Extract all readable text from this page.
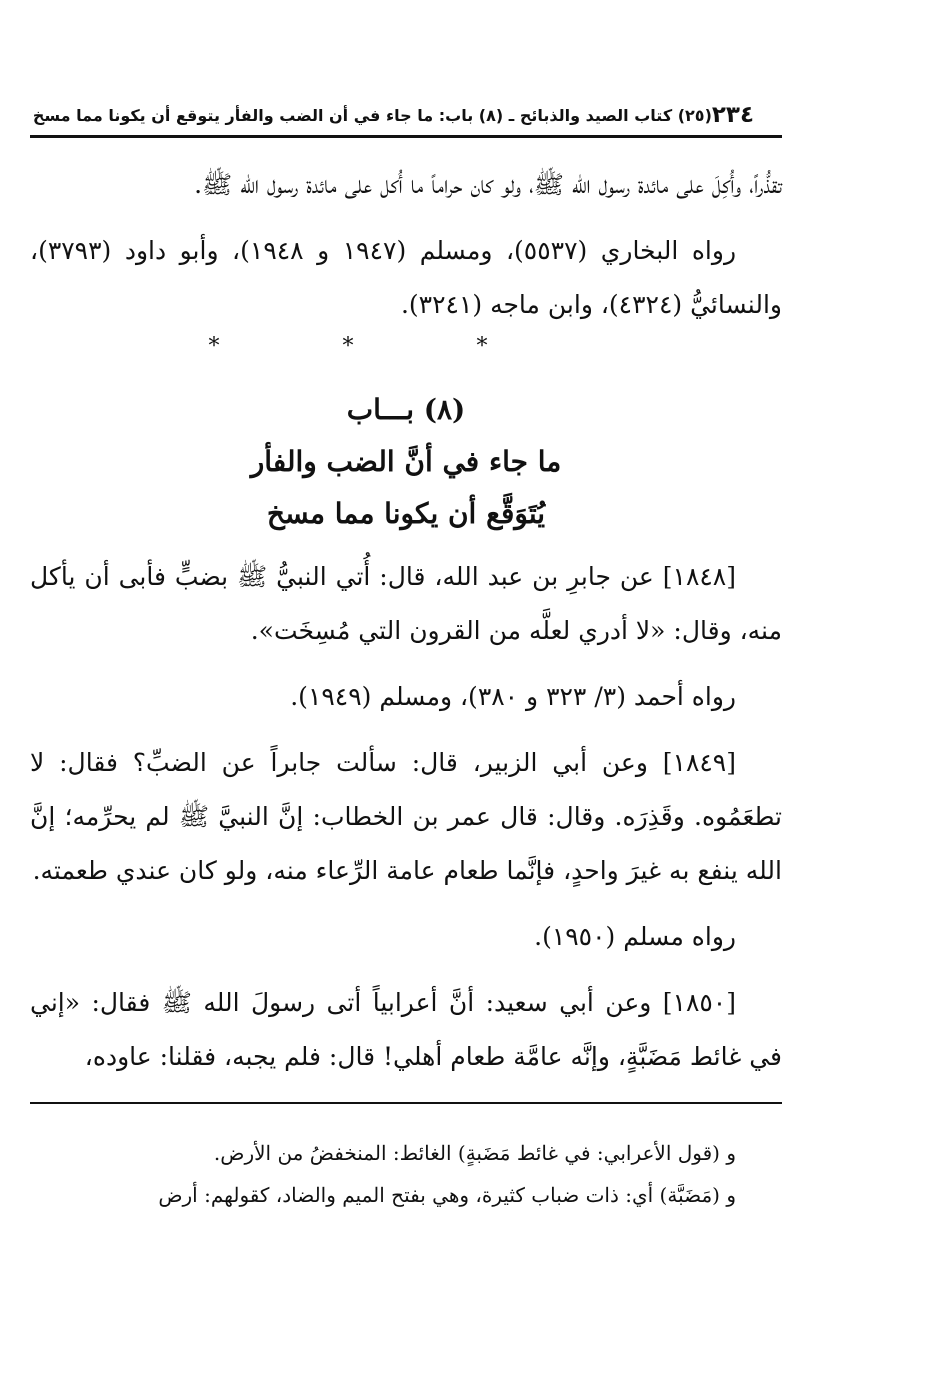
٢٣٤
(٢٥) كتاب الصيد والذبائح ـ (٨) باب: ما جاء في أن الضب والفأر يتوقع أن يكونا مما مسخ

تقذُّراً، وأُكِلَ على مائدة رسول الله ﷺ، ولو كان حراماً ما أُكل على مائدة رسول الله ﷺ.

رواه البخاري (٥٥٣٧)، ومسلم (١٩٤٧ و ١٩٤٨)، وأبو داود (٣٧٩٣)، والنسائيُّ (٤٣٢٤)، وابن ماجه (٣٢٤١).

* * *

(٨) بـــاب

ما جاء في أنَّ الضب والفأر

يُتَوَقَّع أن يكونا مما مسخ

[١٨٤٨] عن جابرِ بن عبد الله، قال: أُتي النبيُّ ﷺ بضبٍّ فأبى أن يأكل منه، وقال: «لا أدري لعلَّه من القرون التي مُسِخَت».

رواه أحمد (٣/ ٣٢٣ و ٣٨٠)، ومسلم (١٩٤٩).

[١٨٤٩] وعن أبي الزبير، قال: سألت جابراً عن الضبِّ؟ فقال: لا تطعَمُوه. وقَذِرَه. وقال: قال عمر بن الخطاب: إنَّ النبيَّ ﷺ لم يحرِّمه؛ إنَّ الله ينفع به غيرَ واحدٍ، فإنَّما طعام عامة الرِّعاء منه، ولو كان عندي طعمته.

رواه مسلم (١٩٥٠).

[١٨٥٠] وعن أبي سعيد: أنَّ أعرابياً أتى رسولَ الله ﷺ فقال: «إني في غائط مَضَبَّةٍ، وإنَّه عامَّة طعام أهلي! قال: فلم يجبه، فقلنا: عاوده،

و (قول الأعرابي: في غائط مَضَبةٍ) الغائط: المنخفضُ من الأرض.

و (مَضَبَّة) أي: ذات ضباب كثيرة، وهي بفتح الميم والضاد، كقولهم: أرض
